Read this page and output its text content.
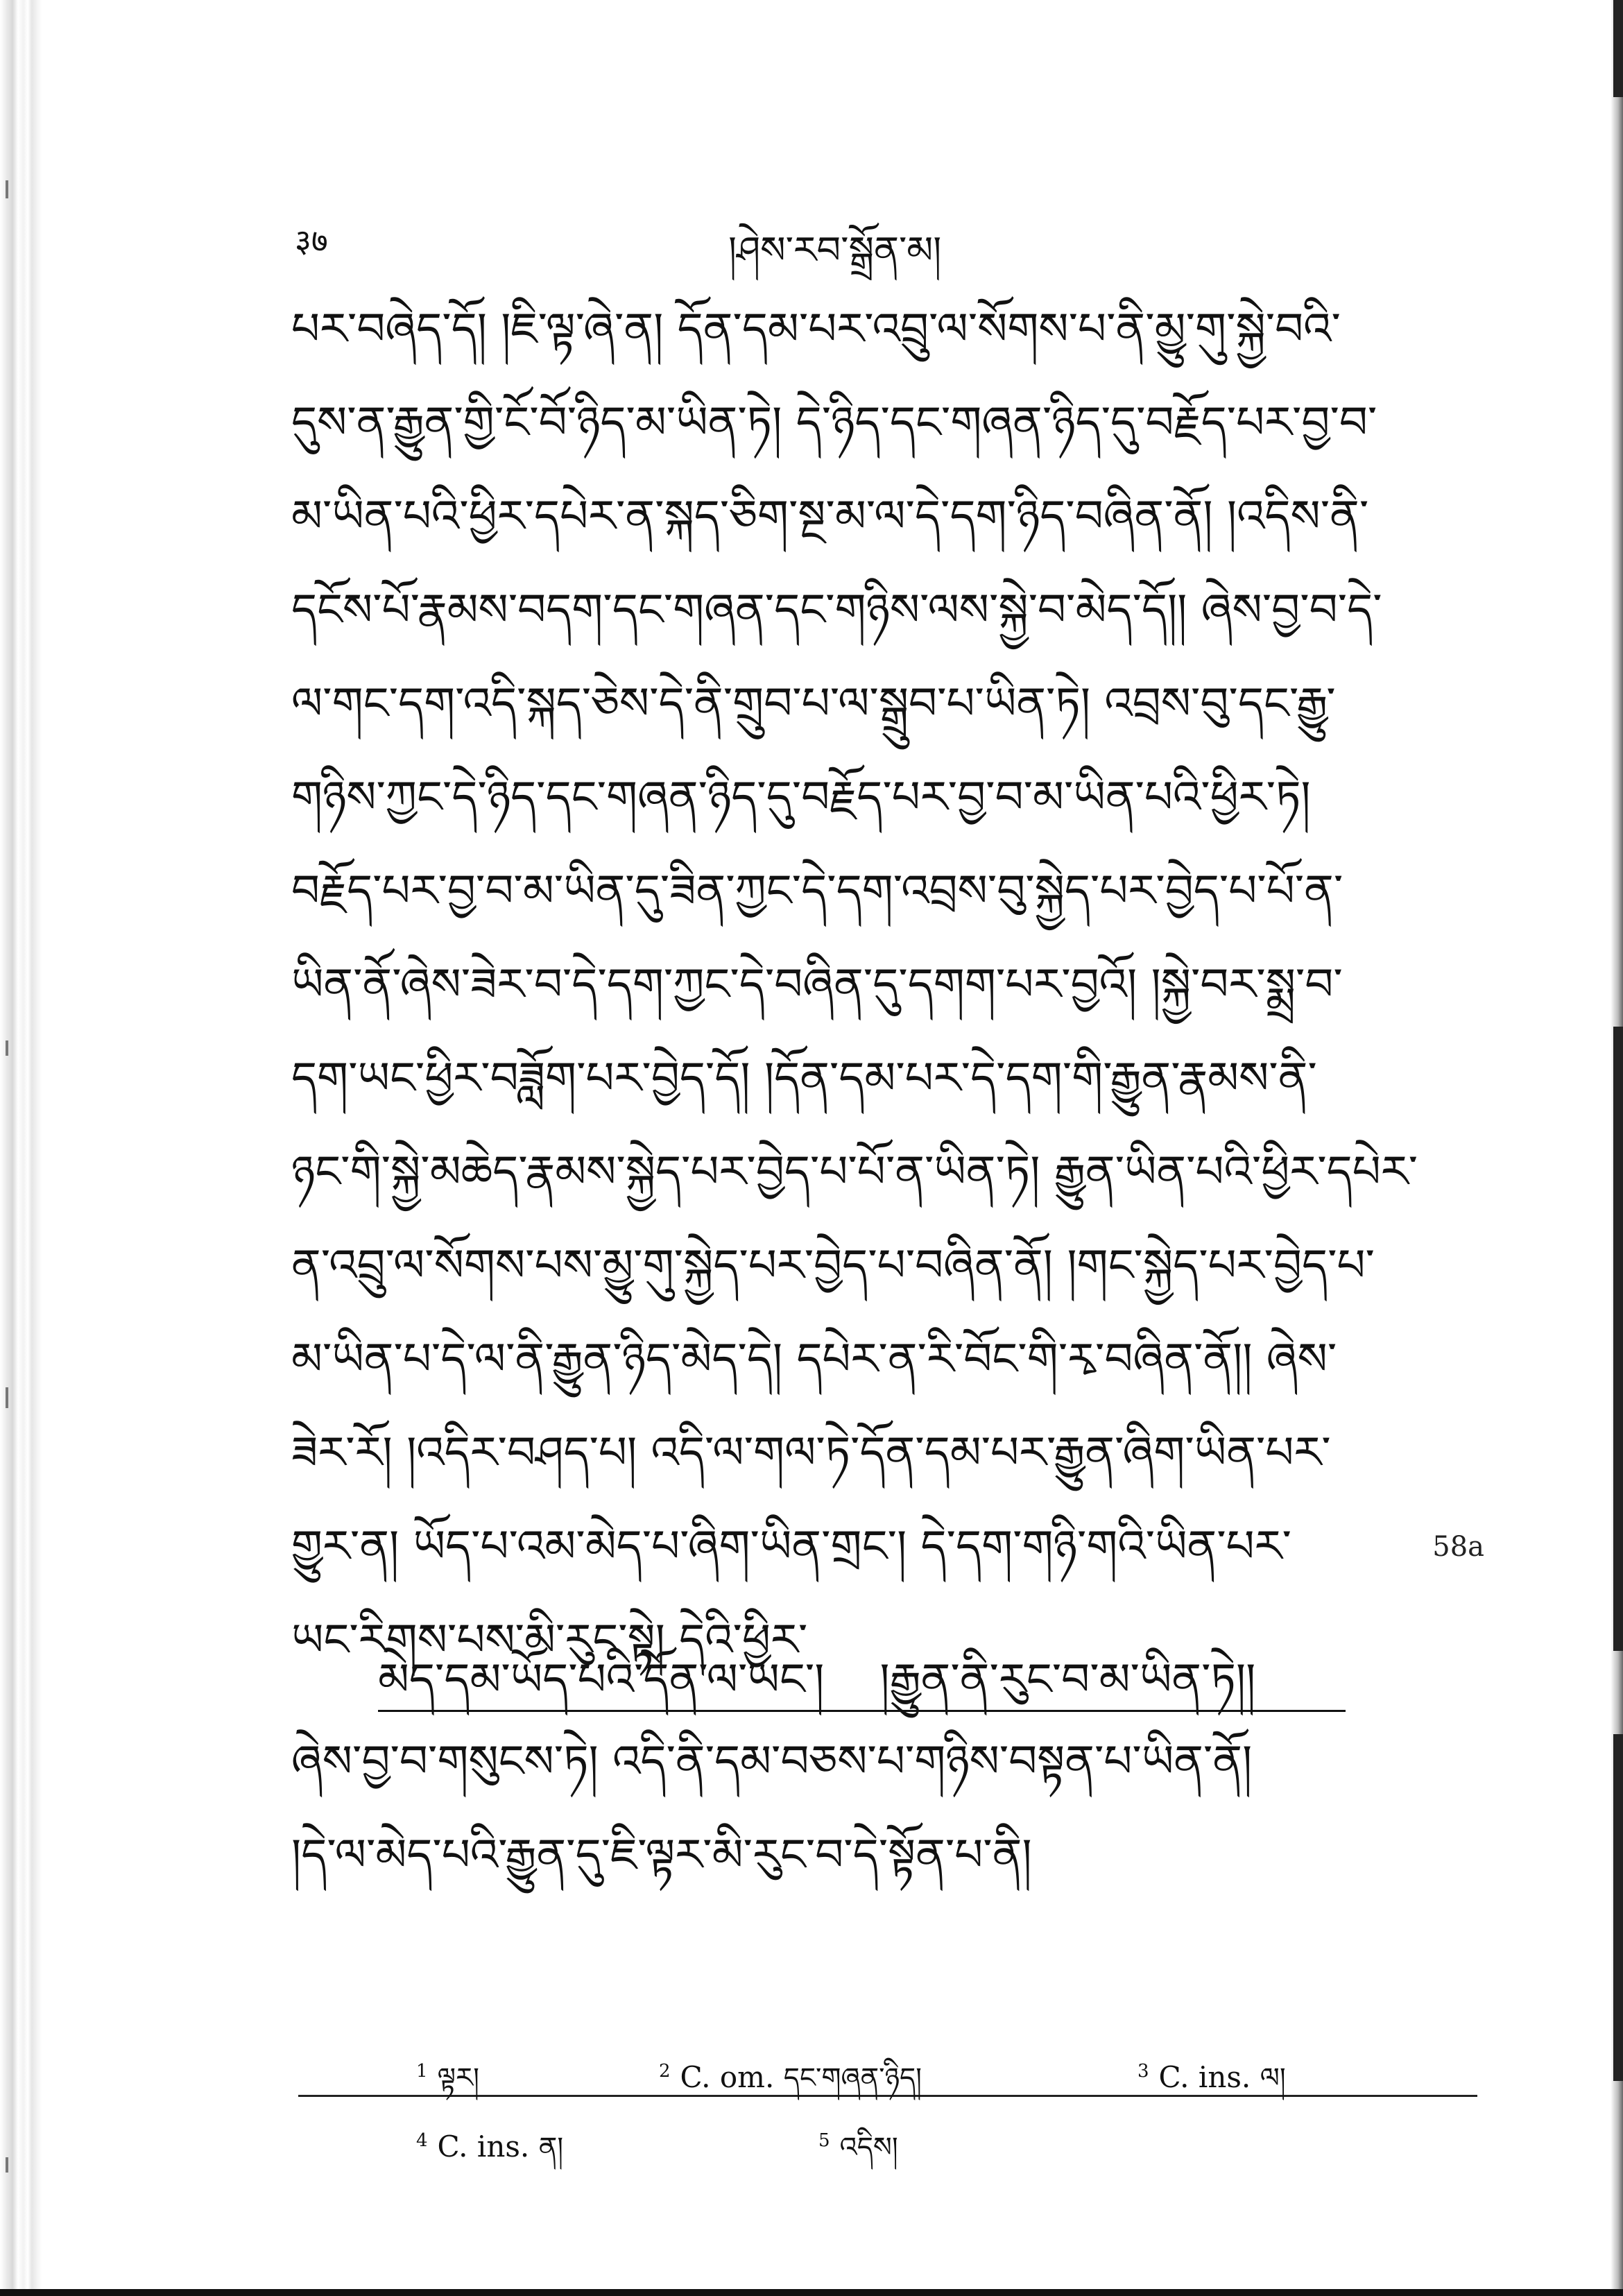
३७	།ཤེས་རབ་སྒྲོན་མ།
པར་བཞེད་དོ། །ཇི་ལྟ་ཞེ་ན། དོན་དམ་པར་འབྲུ་ལ་སོགས་པ་ནི་མྱུ་གུ་སྐྱེ་བའི་
དུས་ན་རྒྱུན་གྱི་ངོ་བོ་ཉིད་མ་ཡིན་ཏེ། དེ་ཉིད་དང་གཞན་ཉིད་དུ་བརྗོད་པར་བྱ་བ་
མ་ཡིན་པའི་ཕྱིར་དཔེར་ན་སྐད་ཅིག་སྔ་མ་ལ་དེ་དག་ཉིད་བཞིན་ནོ། །འདིས་ནི་
དངོས་པོ་རྣམས་བདག་དང་གཞན་དང་གཉིས་ལས་སྐྱེ་བ་མེད་དོ།། ཞེས་བྱ་བ་དེ་
ལ་གང་དག་འདི་སྐད་ཅེས་དེ་ནི་གྲུབ་པ་ལ་སྒྲུབ་པ་ཡིན་ཏེ། འབྲས་བུ་དང་རྒྱུ་
གཉིས་ཀྱང་དེ་ཉིད་དང་གཞན་ཉིད་དུ་བརྗོད་པར་བྱ་བ་མ་ཡིན་པའི་ཕྱིར་ཏེ།
བརྗོད་པར་བྱ་བ་མ་ཡིན་དུ་ཟིན་ཀྱང་དེ་དག་འབྲས་བུ་སྐྱེད་པར་བྱེད་པ་པོ་ན་
ཡིན་ནོ་ཞེས་ཟེར་བ་དེ་དག་ཀྱང་དེ་བཞིན་དུ་དགག་པར་བྱའོ། །སྐྱེ་བར་སྨྲ་བ་
དག་ཡང་ཕྱིར་བཟློག་པར་བྱེད་དོ། །དོན་དམ་པར་དེ་དག་གི་རྒྱུན་རྣམས་ནི་
ཉང་གི་སྐྱེ་མཆེད་རྣམས་སྐྱེད་པར་བྱེད་པ་པོ་ན་ཡིན་ཏེ། རྒྱུན་ཡིན་པའི་ཕྱིར་དཔེར་
ན་འབྲུ་ལ་སོགས་པས་མྱུ་གུ་སྐྱེད་པར་བྱེད་པ་བཞིན་ནོ། །གང་སྐྱེད་པར་བྱེད་པ་
མ་ཡིན་པ་དེ་ལ་ནི་རྒྱུན་ཉིད་མེད་དེ། དཔེར་ན་རི་བོང་གི་རྭ་བཞིན་ནོ།། ཞེས་
ཟེར་རོ། །འདིར་བཤད་པ། འདི་ལ་གལ་ཏེ་དོན་དམ་པར་རྒྱུན་ཞིག་ཡིན་པར་
གྱུར་ན། ཡོད་པ་འམ་མེད་པ་ཞིག་ཡིན་གྲང་། དེ་དག་གཉི་གའི་ཡིན་པར་	58a
ཡང་རིགས་པས་མི་རུང་སྟེ། དེའི་ཕྱིར་
མེད་དམ་ཡོད་པའི་དོན་ལ་ཡང་། །རྒྱུན་ནི་རུང་བ་མ་ཡིན་ཏེ།།
ཞེས་བྱ་བ་གསུངས་ཏེ། འདི་ནི་དམ་བཅས་པ་གཉིས་བསྟན་པ་ཡིན་ནོ།
།དེ་ལ་མེད་པའི་རྒྱུན་དུ་ཇི་ལྟར་མི་རུང་བ་དེ་སྟོན་པ་ནི།
$^1$ ལྟར།	$^2$ C. om. དང་གཞན་ཉིད།	$^3$ C. ins. ལ།
$^4$ C. ins. ན།	$^5$ འདིས།
